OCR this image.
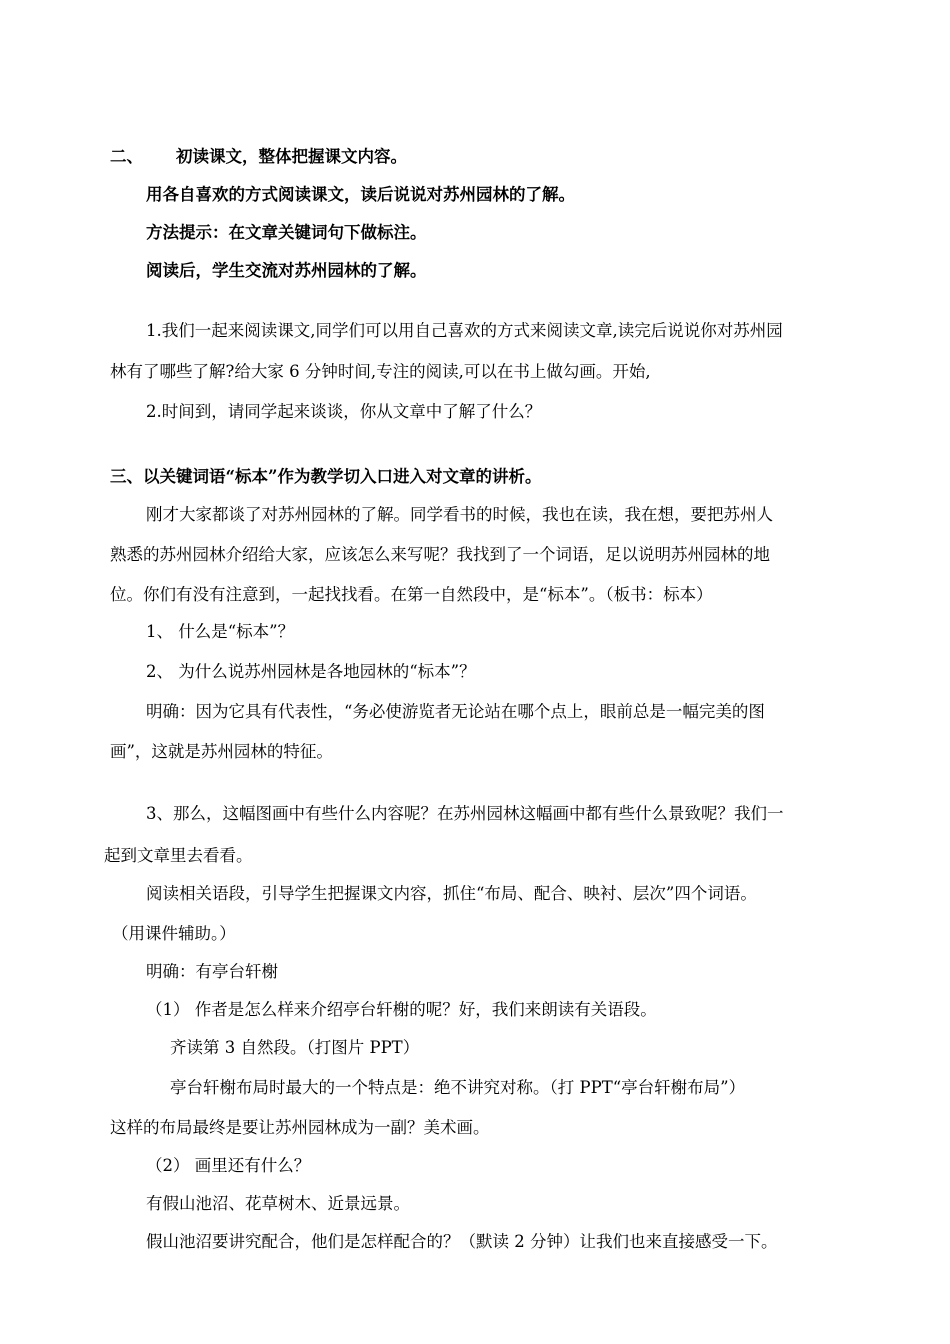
二、 初读课文，整体把握课文内容。
用各自喜欢的方式阅读课文，读后说说对苏州园林的了解。
方法提示：在文章关键词句下做标注。
阅读后，学生交流对苏州园林的了解。
1.我们一起来阅读课文,同学们可以用自己喜欢的方式来阅读文章,读完后说说你对苏州园
林有了哪些了解?给大家 6 分钟时间,专注的阅读,可以在书上做勾画。开始,
2.时间到，请同学起来谈谈，你从文章中了解了什么？
三、以关键词语“标本”作为教学切入口进入对文章的讲析。
刚才大家都谈了对苏州园林的了解。同学看书的时候，我也在读，我在想，要把苏州人
熟悉的苏州园林介绍给大家，应该怎么来写呢？我找到了一个词语，足以说明苏州园林的地
位。你们有没有注意到，一起找找看。在第一自然段中，是“标本”。（板书：标本）
1、 什么是“标本”？
2、 为什么说苏州园林是各地园林的“标本”？
明确：因为它具有代表性，“务必使游览者无论站在哪个点上，眼前总是一幅完美的图
画”，这就是苏州园林的特征。
3、那么，这幅图画中有些什么内容呢？在苏州园林这幅画中都有些什么景致呢？我们一
起到文章里去看看。
阅读相关语段，引导学生把握课文内容，抓住“布局、配合、映衬、层次”四个词语。
（用课件辅助。）
明确：有亭台轩榭
（1） 作者是怎么样来介绍亭台轩榭的呢？好，我们来朗读有关语段。
齐读第 3 自然段。（打图片 PPT）
亭台轩榭布局时最大的一个特点是：绝不讲究对称。（打 PPT“亭台轩榭布局”）
这样的布局最终是要让苏州园林成为一副？美术画。
（2） 画里还有什么？
有假山池沼、花草树木、近景远景。
假山池沼要讲究配合，他们是怎样配合的？（默读 2 分钟）让我们也来直接感受一下。
